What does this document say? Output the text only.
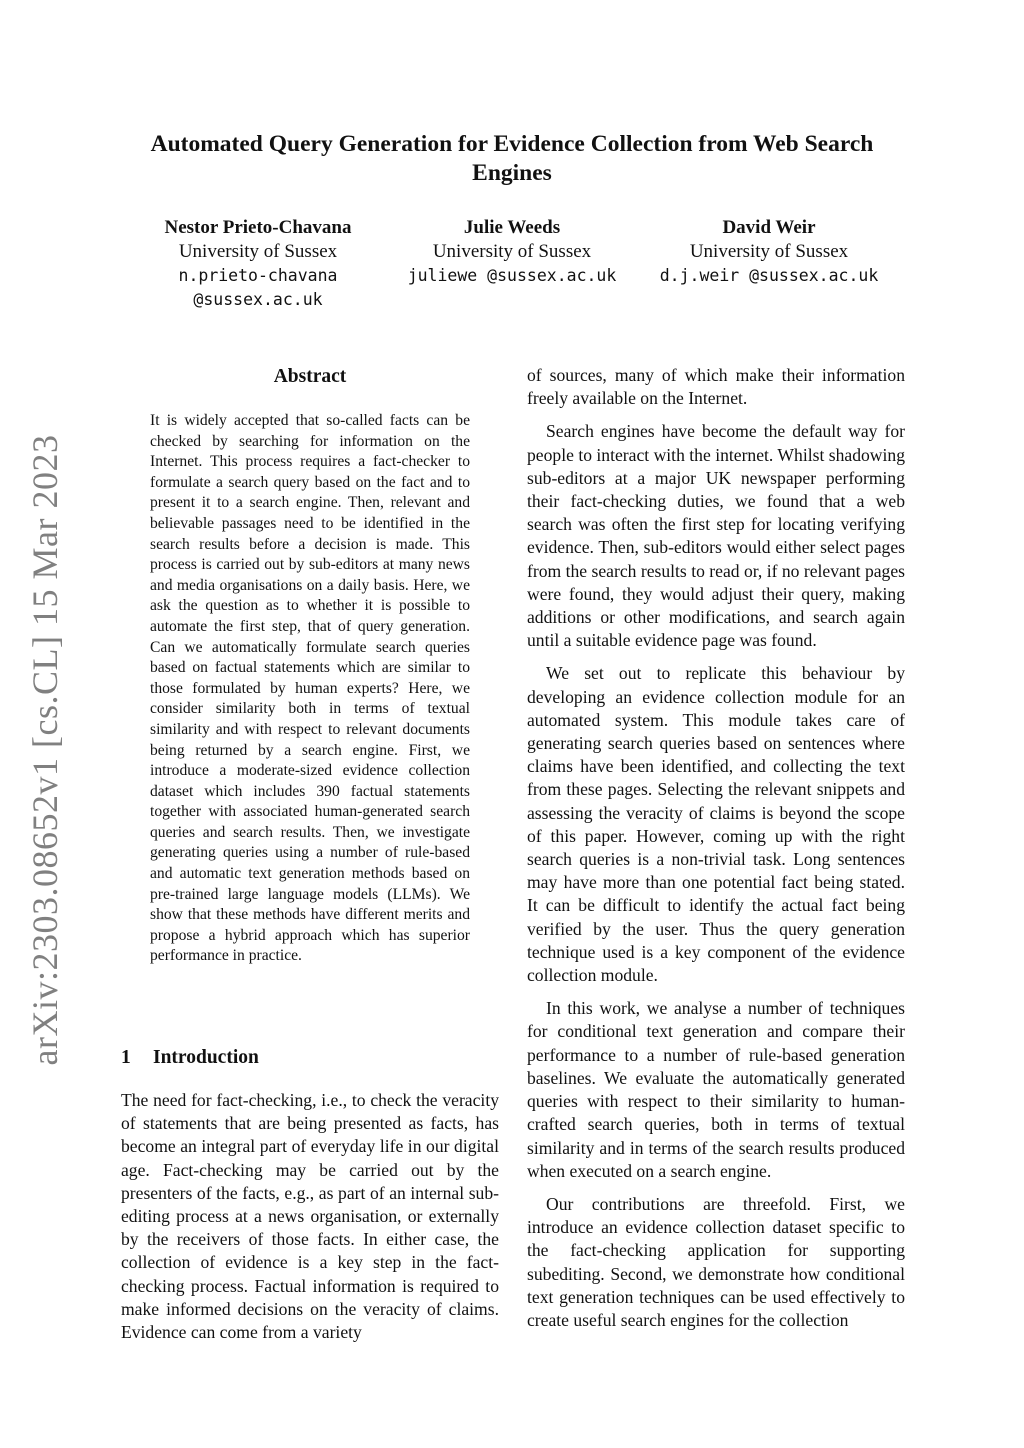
arXiv:2303.08652v1 [cs.CL] 15 Mar 2023
Automated Query Generation for Evidence Collection from Web Search Engines
Nestor Prieto-Chavana
University of Sussex
n.prieto-chavana
@sussex.ac.uk
Julie Weeds
University of Sussex
juliewe @sussex.ac.uk
David Weir
University of Sussex
d.j.weir @sussex.ac.uk
Abstract
It is widely accepted that so-called facts can be checked by searching for information on the Internet. This process requires a fact-checker to formulate a search query based on the fact and to present it to a search engine. Then, relevant and believable passages need to be identified in the search results before a decision is made. This process is carried out by sub-editors at many news and media organisations on a daily basis. Here, we ask the question as to whether it is possible to automate the first step, that of query generation. Can we automatically formulate search queries based on factual statements which are similar to those formulated by human experts? Here, we consider similarity both in terms of textual similarity and with respect to relevant documents being returned by a search engine. First, we introduce a moderate-sized evidence collection dataset which includes 390 factual statements together with associated human-generated search queries and search results. Then, we investigate generating queries using a number of rule-based and automatic text generation methods based on pre-trained large language models (LLMs). We show that these methods have different merits and propose a hybrid approach which has superior performance in practice.
1 Introduction

The need for fact-checking, i.e., to check the veracity of statements that are being presented as facts, has become an integral part of everyday life in our digital age. Fact-checking may be carried out by the presenters of the facts, e.g., as part of an internal sub-editing process at a news organisation, or externally by the receivers of those facts. In either case, the collection of evidence is a key step in the fact-checking process. Factual information is required to make informed decisions on the veracity of claims. Evidence can come from a variety

of sources, many of which make their information freely available on the Internet.

Search engines have become the default way for people to interact with the internet. Whilst shadowing sub-editors at a major UK newspaper performing their fact-checking duties, we found that a web search was often the first step for locating verifying evidence. Then, sub-editors would either select pages from the search results to read or, if no relevant pages were found, they would adjust their query, making additions or other modifications, and search again until a suitable evidence page was found.

We set out to replicate this behaviour by developing an evidence collection module for an automated system. This module takes care of generating search queries based on sentences where claims have been identified, and collecting the text from these pages. Selecting the relevant snippets and assessing the veracity of claims is beyond the scope of this paper. However, coming up with the right search queries is a non-trivial task. Long sentences may have more than one potential fact being stated. It can be difficult to identify the actual fact being verified by the user. Thus the query generation technique used is a key component of the evidence collection module.

In this work, we analyse a number of techniques for conditional text generation and compare their performance to a number of rule-based generation baselines. We evaluate the automatically generated queries with respect to their similarity to human-crafted search queries, both in terms of textual similarity and in terms of the search results produced when executed on a search engine.

Our contributions are threefold. First, we introduce an evidence collection dataset specific to the fact-checking application for supporting subediting. Second, we demonstrate how conditional text generation techniques can be used effectively to create useful search engines for the collection
